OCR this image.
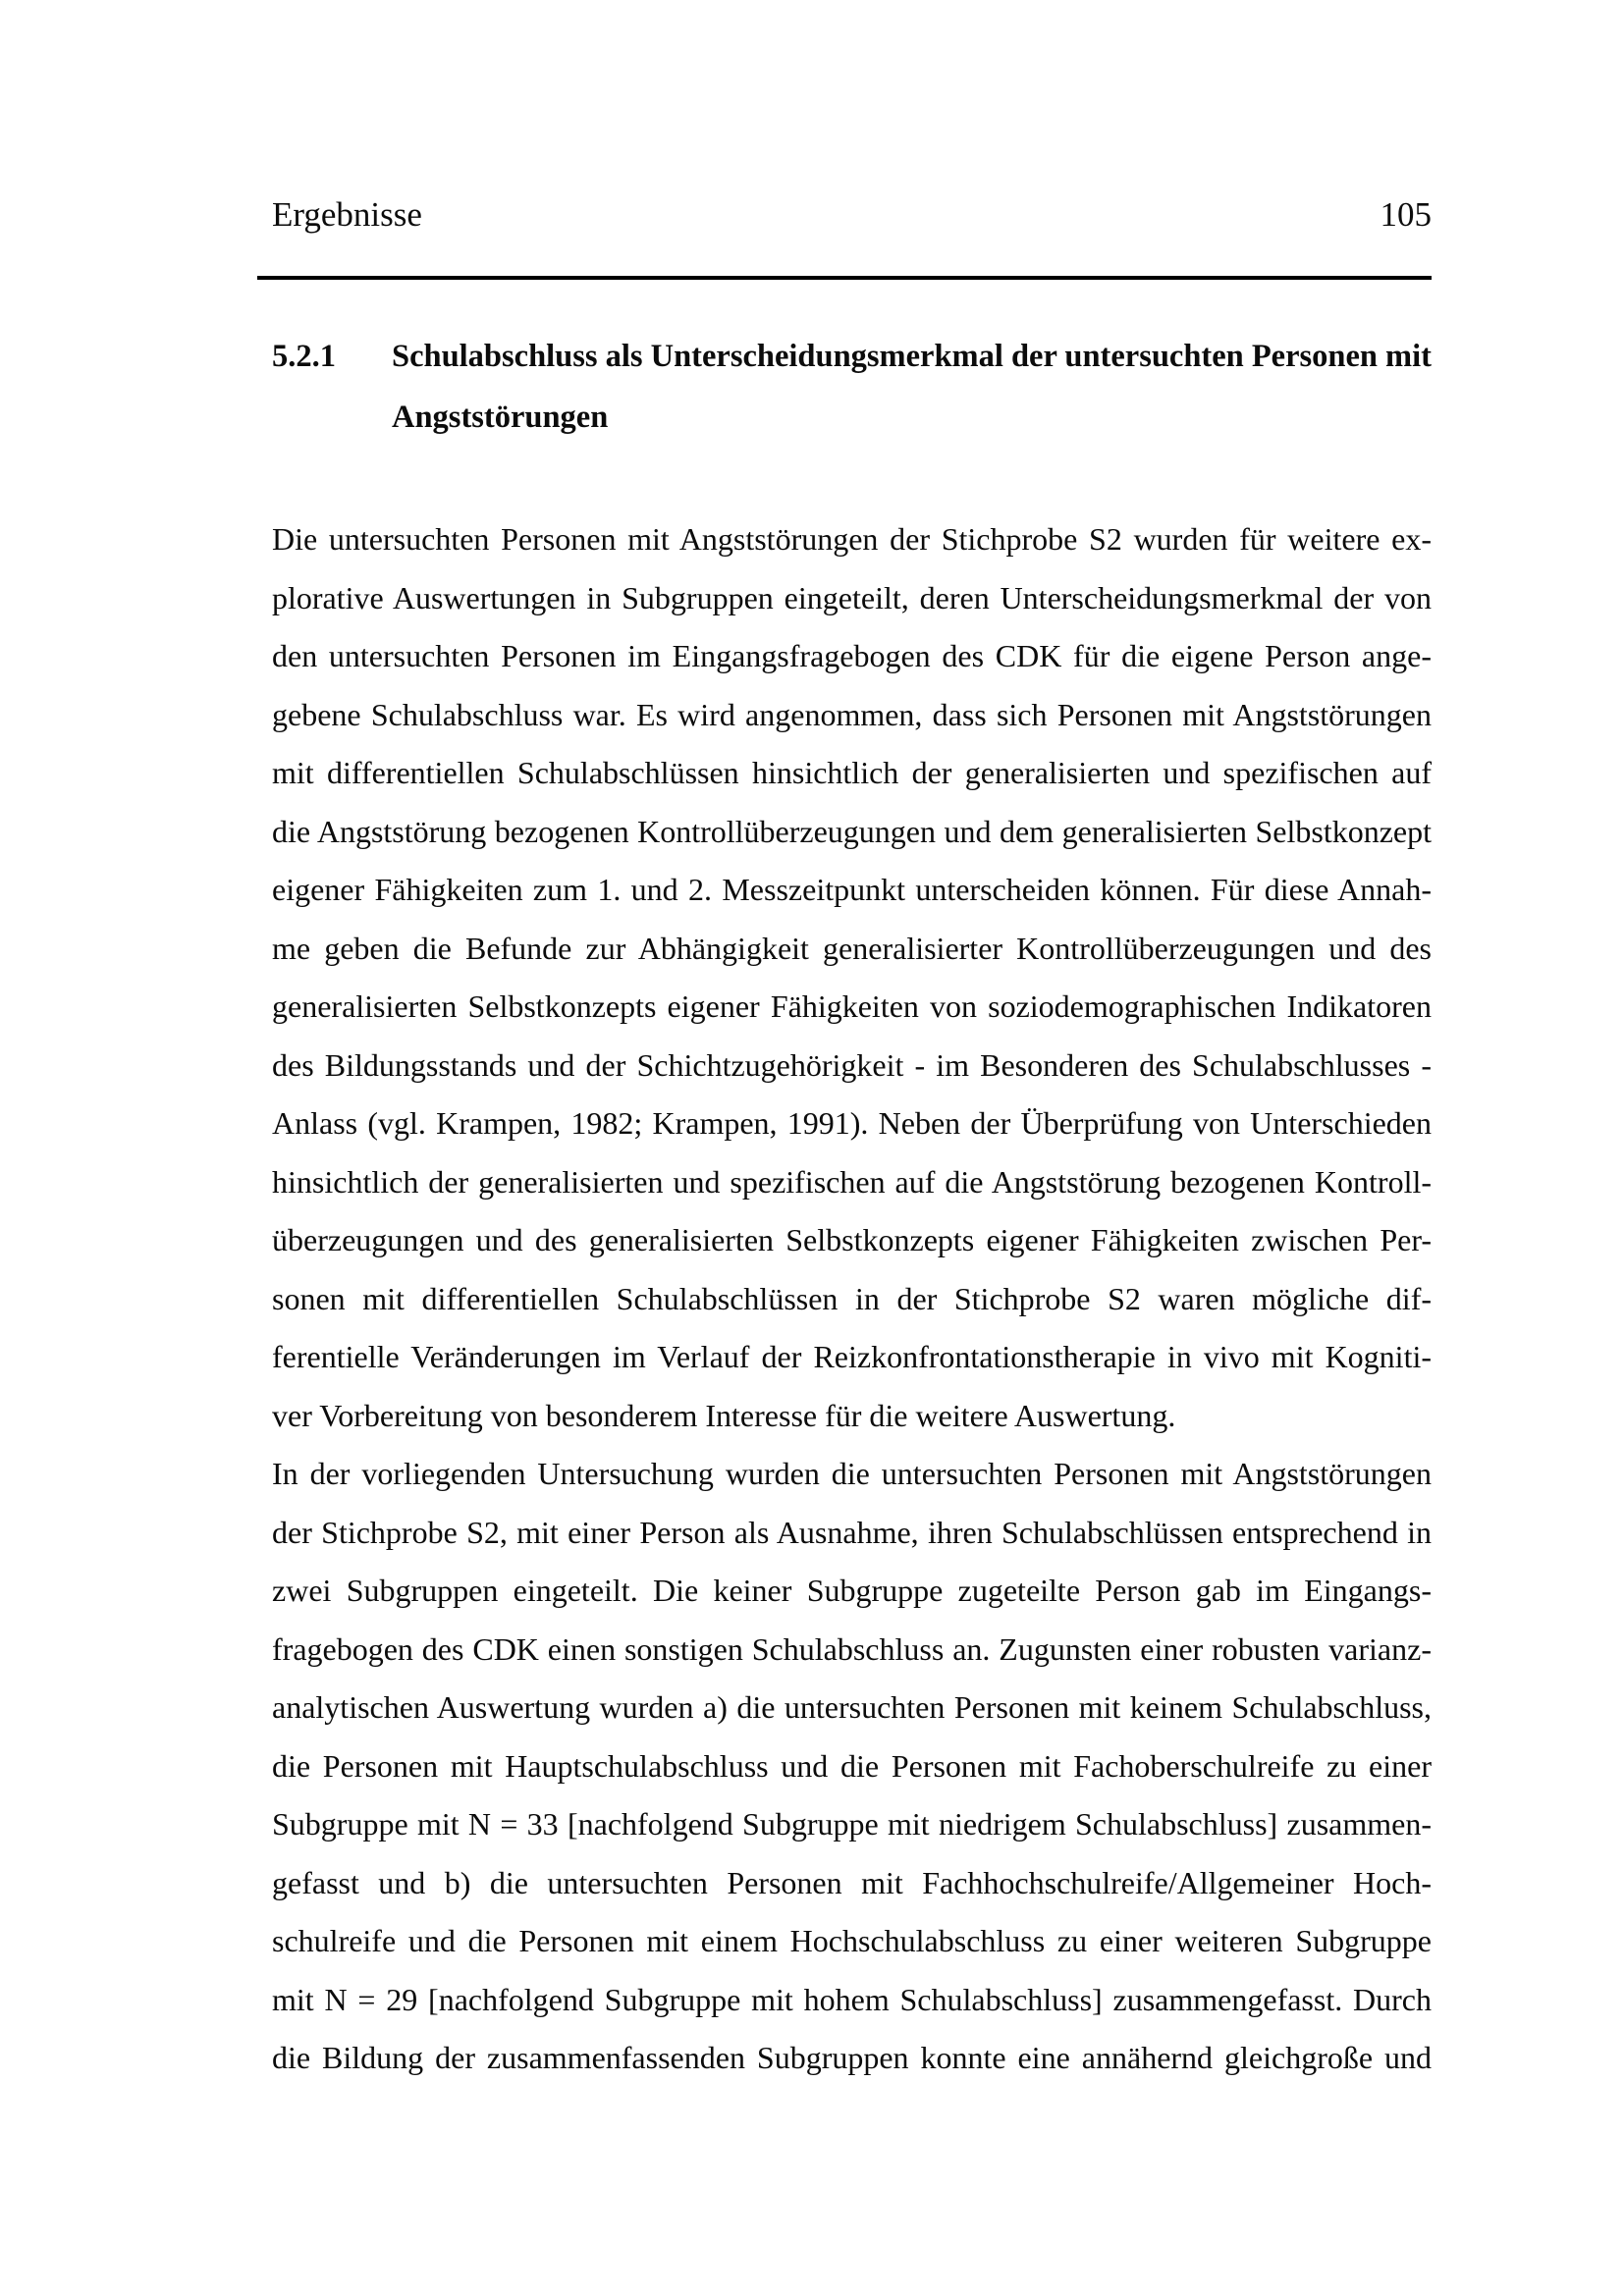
Ergebnisse	105
5.2.1 Schulabschluss als Unterscheidungsmerkmal der untersuchten Personen mit
Angststörungen
Die untersuchten Personen mit Angststörungen der Stichprobe S2 wurden für weitere ex-
plorative Auswertungen in Subgruppen eingeteilt, deren Unterscheidungsmerkmal der von
den untersuchten Personen im Eingangsfragebogen des CDK für die eigene Person ange-
gebene Schulabschluss war. Es wird angenommen, dass sich Personen mit Angststörungen
mit differentiellen Schulabschlüssen hinsichtlich der generalisierten und spezifischen auf
die Angststörung bezogenen Kontrollüberzeugungen und dem generalisierten Selbstkonzept
eigener Fähigkeiten zum 1. und 2. Messzeitpunkt unterscheiden können. Für diese Annah-
me geben die Befunde zur Abhängigkeit generalisierter Kontrollüberzeugungen und des
generalisierten Selbstkonzepts eigener Fähigkeiten von soziodemographischen Indikatoren
des Bildungsstands und der Schichtzugehörigkeit - im Besonderen des Schulabschlusses -
Anlass (vgl. Krampen, 1982; Krampen, 1991). Neben der Überprüfung von Unterschieden
hinsichtlich der generalisierten und spezifischen auf die Angststörung bezogenen Kontroll-
überzeugungen und des generalisierten Selbstkonzepts eigener Fähigkeiten zwischen Per-
sonen mit differentiellen Schulabschlüssen in der Stichprobe S2 waren mögliche dif-
ferentielle Veränderungen im Verlauf der Reizkonfrontationstherapie in vivo mit Kogniti-
ver Vorbereitung von besonderem Interesse für die weitere Auswertung.
In der vorliegenden Untersuchung wurden die untersuchten Personen mit Angststörungen
der Stichprobe S2, mit einer Person als Ausnahme, ihren Schulabschlüssen entsprechend in
zwei Subgruppen eingeteilt. Die keiner Subgruppe zugeteilte Person gab im Eingangs-
fragebogen des CDK einen sonstigen Schulabschluss an. Zugunsten einer robusten varianz-
analytischen Auswertung wurden a) die untersuchten Personen mit keinem Schulabschluss,
die Personen mit Hauptschulabschluss und die Personen mit Fachoberschulreife zu einer
Subgruppe mit N = 33 [nachfolgend Subgruppe mit niedrigem Schulabschluss] zusammen-
gefasst und b) die untersuchten Personen mit Fachhochschulreife/Allgemeiner Hoch-
schulreife und die Personen mit einem Hochschulabschluss zu einer weiteren Subgruppe
mit N = 29 [nachfolgend Subgruppe mit hohem Schulabschluss] zusammengefasst. Durch
die Bildung der zusammenfassenden Subgruppen konnte eine annähernd gleichgroße und
